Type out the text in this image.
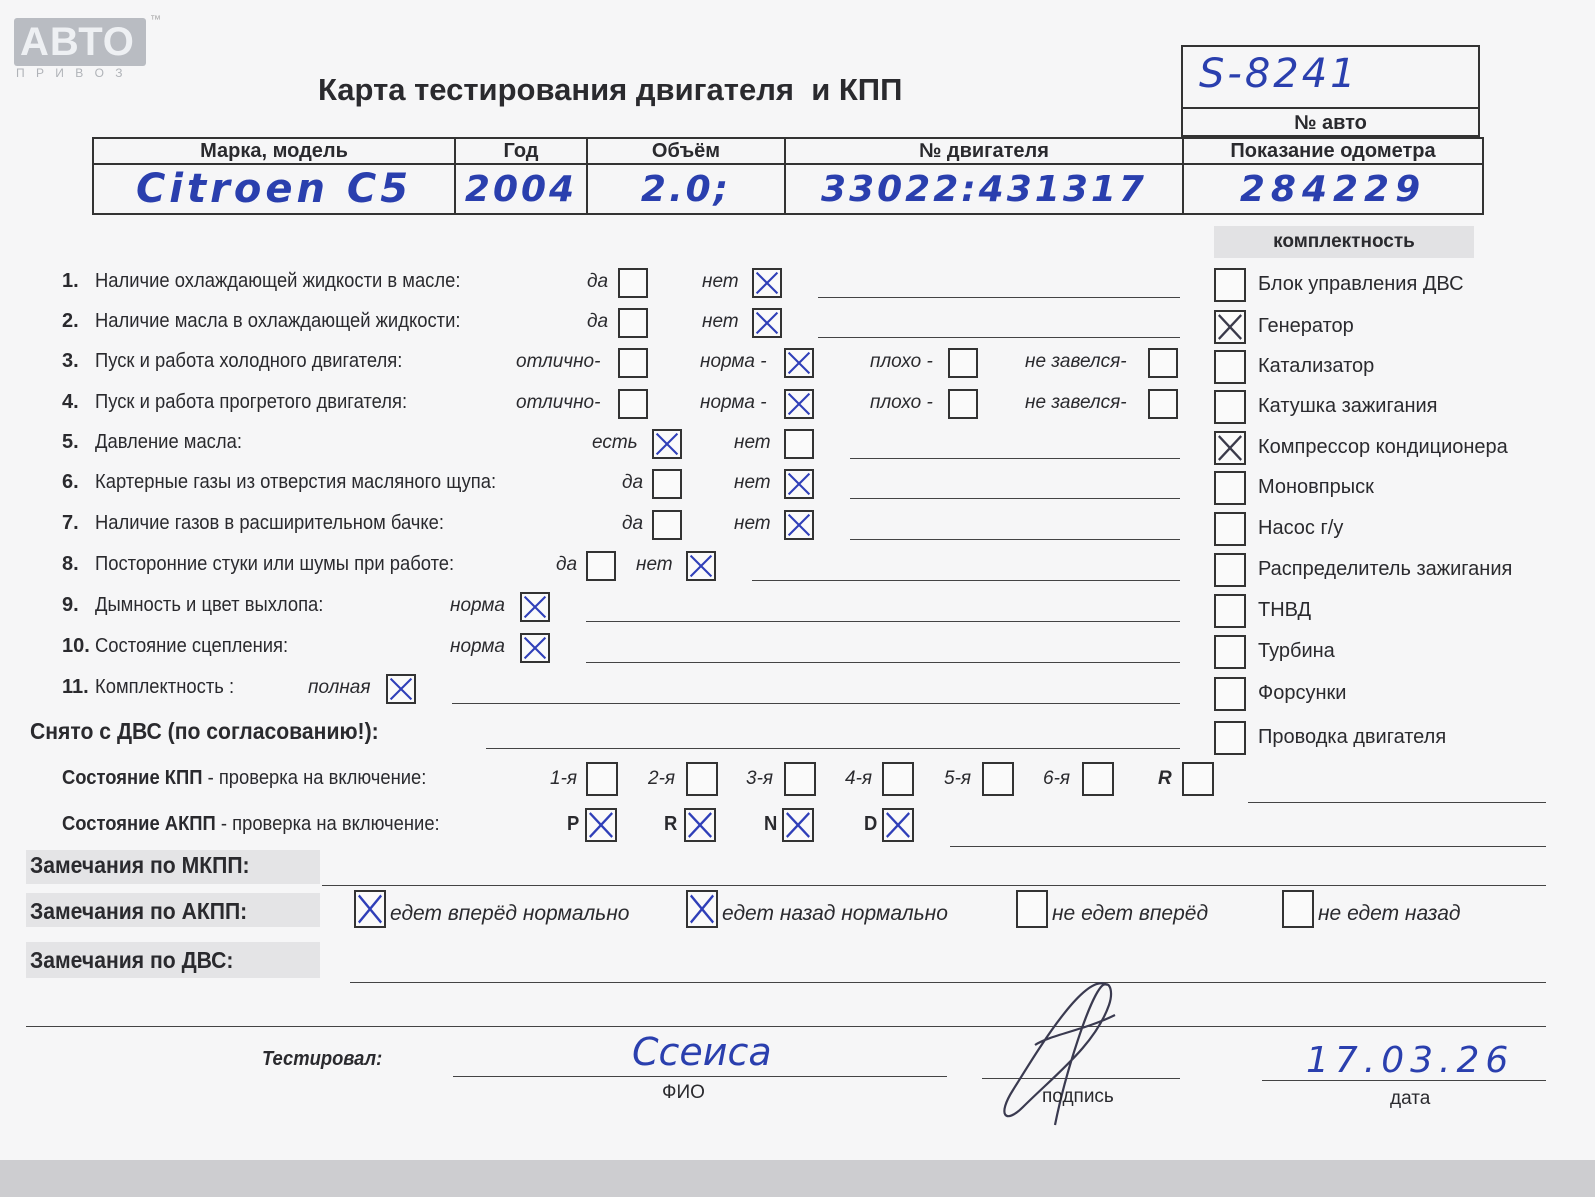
АВТО ™
П Р И В О З	Карта тестирования двигателя  и КПП	S-8241
№ авто
Марка, модель	Год	Объём	№ двигателя	Показание одометра
Citroen C5	2004	2.0;	33022:431317	284229
комплектность
1. Наличие охлаждающей жидкости в масле:	да	нет
2. Наличие масла в охлаждающей жидкости:	да	нет
3. Пуск и работа холодного двигателя:	отлично-	норма -	плохо -	не завелся-
4. Пуск и работа прогретого двигателя:	отлично-	норма -	плохо -	не завелся-
5. Давление масла:	есть	нет
6. Картерные газы из отверстия масляного щупа:	да	нет
7. Наличие газов в расширительном бачке:	да	нет
8. Посторонние стуки или шумы при работе:	да	нет
9. Дымность и цвет выхлопа:	норма
10. Состояние сцепления:	норма
11. Комплектность :	полная
Блок управления ДВС
Генератор
Катализатор
Катушка зажигания
Компрессор кондиционера
Моновпрыск
Насос г/у
Распределитель зажигания
ТНВД
Турбина
Форсунки
Проводка двигателя
Снято с ДВС (по согласованию!):
Состояние КПП - проверка на включение:	1-я	2-я	3-я	4-я	5-я	6-я	R
Состояние АКПП - проверка на включение:	P	R	N	D
Замечания по МКПП:
Замечания по АКПП:	едет вперёд нормально	едет назад нормально	не едет вперёд	не едет назад
Замечания по ДВС:
Тестировал:	Ссеиса
ФИО	подпись
17.03.26
дата
